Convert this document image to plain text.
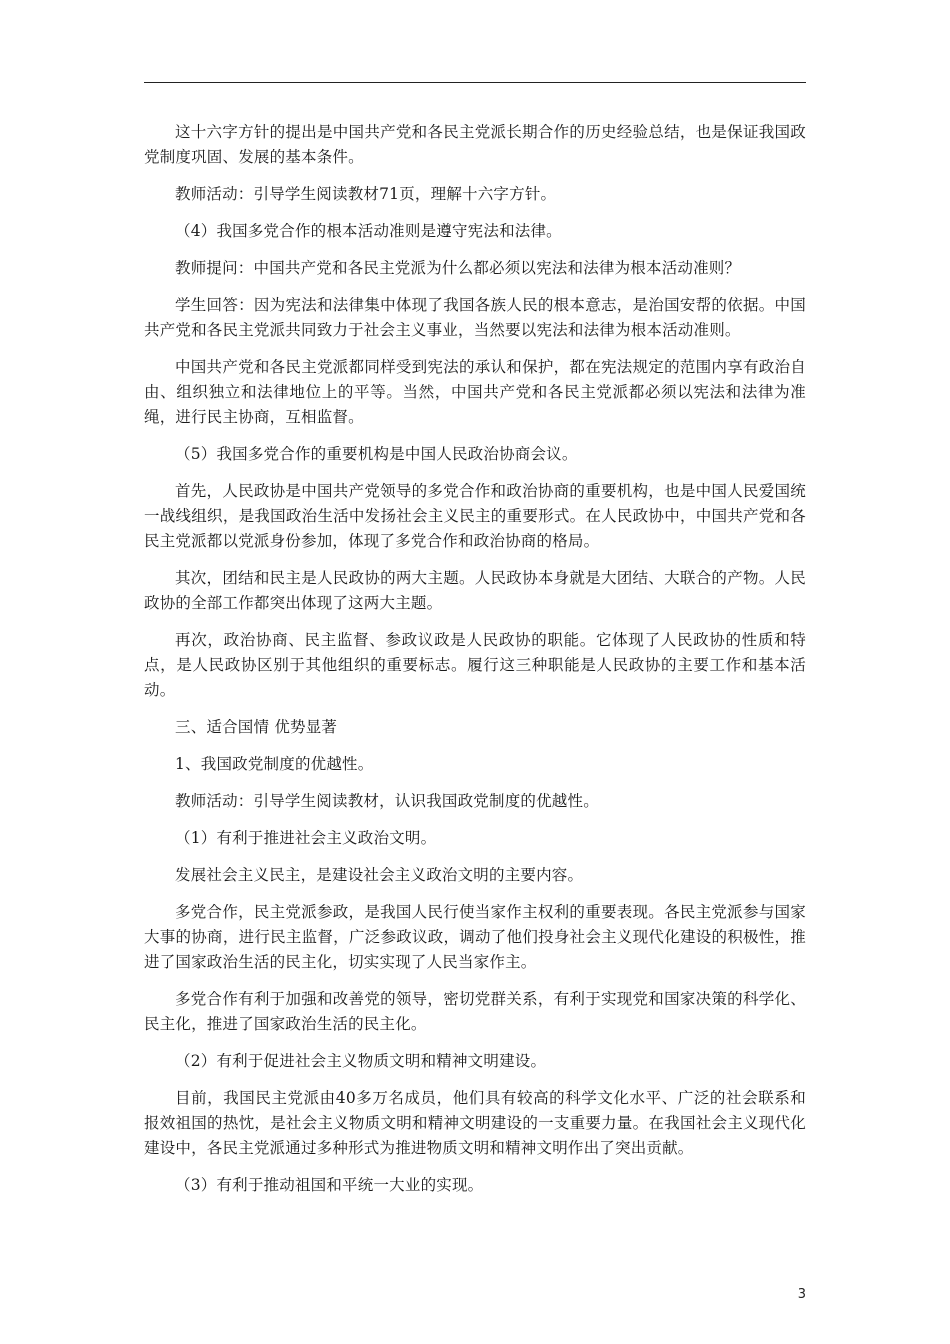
这十六字方针的提出是中国共产党和各民主党派长期合作的历史经验总结，也是保证我国政党制度巩固、发展的基本条件。

教师活动：引导学生阅读教材71页，理解十六字方针。

（4）我国多党合作的根本活动准则是遵守宪法和法律。

教师提问：中国共产党和各民主党派为什么都必须以宪法和法律为根本活动准则？

学生回答：因为宪法和法律集中体现了我国各族人民的根本意志，是治国安帮的依据。中国共产党和各民主党派共同致力于社会主义事业，当然要以宪法和法律为根本活动准则。

中国共产党和各民主党派都同样受到宪法的承认和保护，都在宪法规定的范围内享有政治自由、组织独立和法律地位上的平等。当然，中国共产党和各民主党派都必须以宪法和法律为准绳，进行民主协商，互相监督。

（5）我国多党合作的重要机构是中国人民政治协商会议。

首先，人民政协是中国共产党领导的多党合作和政治协商的重要机构，也是中国人民爱国统一战线组织，是我国政治生活中发扬社会主义民主的重要形式。在人民政协中，中国共产党和各民主党派都以党派身份参加，体现了多党合作和政治协商的格局。

其次，团结和民主是人民政协的两大主题。人民政协本身就是大团结、大联合的产物。人民政协的全部工作都突出体现了这两大主题。

再次，政治协商、民主监督、参政议政是人民政协的职能。它体现了人民政协的性质和特点，是人民政协区别于其他组织的重要标志。履行这三种职能是人民政协的主要工作和基本活动。

三、适合国情 优势显著

1、我国政党制度的优越性。

教师活动：引导学生阅读教材，认识我国政党制度的优越性。

（1）有利于推进社会主义政治文明。

发展社会主义民主，是建设社会主义政治文明的主要内容。

多党合作，民主党派参政，是我国人民行使当家作主权利的重要表现。各民主党派参与国家大事的协商，进行民主监督，广泛参政议政，调动了他们投身社会主义现代化建设的积极性，推进了国家政治生活的民主化，切实实现了人民当家作主。

多党合作有利于加强和改善党的领导，密切党群关系，有利于实现党和国家决策的科学化、民主化，推进了国家政治生活的民主化。

（2）有利于促进社会主义物质文明和精神文明建设。

目前，我国民主党派由40多万名成员，他们具有较高的科学文化水平、广泛的社会联系和报效祖国的热忱，是社会主义物质文明和精神文明建设的一支重要力量。在我国社会主义现代化建设中，各民主党派通过多种形式为推进物质文明和精神文明作出了突出贡献。

（3）有利于推动祖国和平统一大业的实现。

3
